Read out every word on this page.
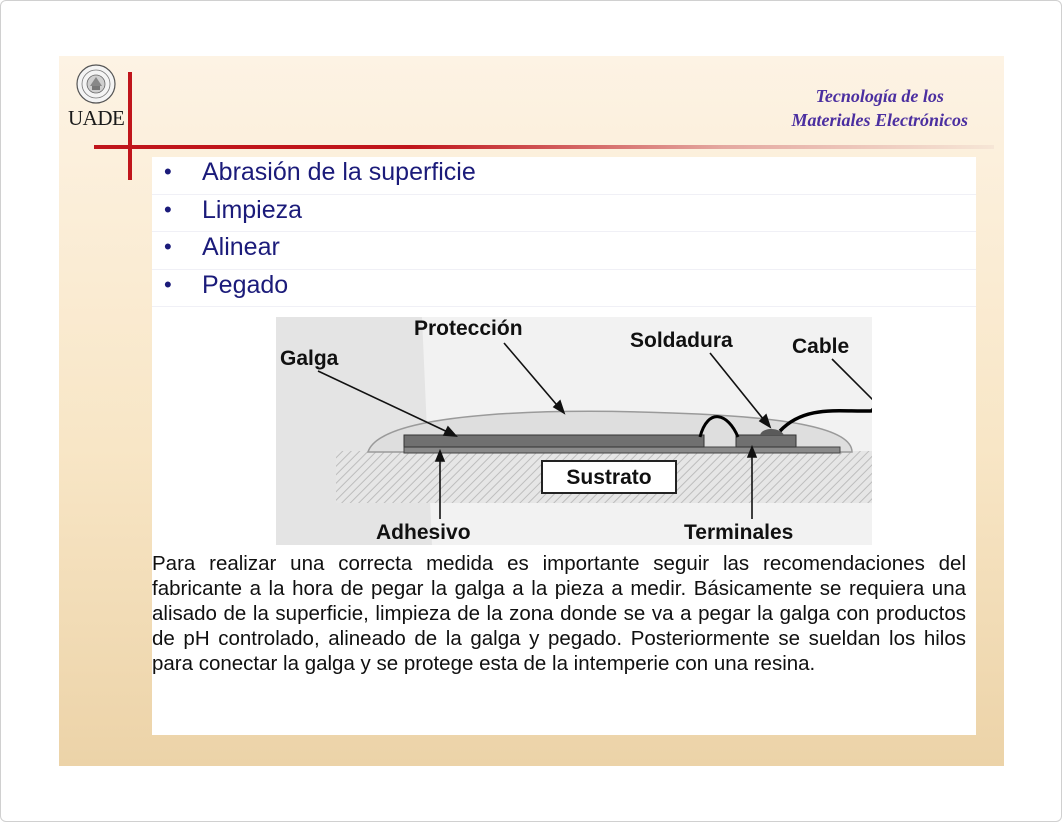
UADE
Tecnología de los
Materiales Electrónicos
• Abrasión de la superficie
• Limpieza
• Alinear
• Pegado
Sustrato
Protección
Galga
Soldadura	Cable
Adhesivo	Terminales
Para realizar una correcta medida es importante seguir las recomendaciones del fabricante a la hora de pegar la galga a la pieza a medir. Básicamente se requiera una alisado de la superficie, limpieza de la zona donde se va a pegar la galga con productos de pH controlado, alineado de la galga y pegado. Posteriormente se sueldan los hilos para conectar la galga y se protege esta de la intemperie con una resina.
